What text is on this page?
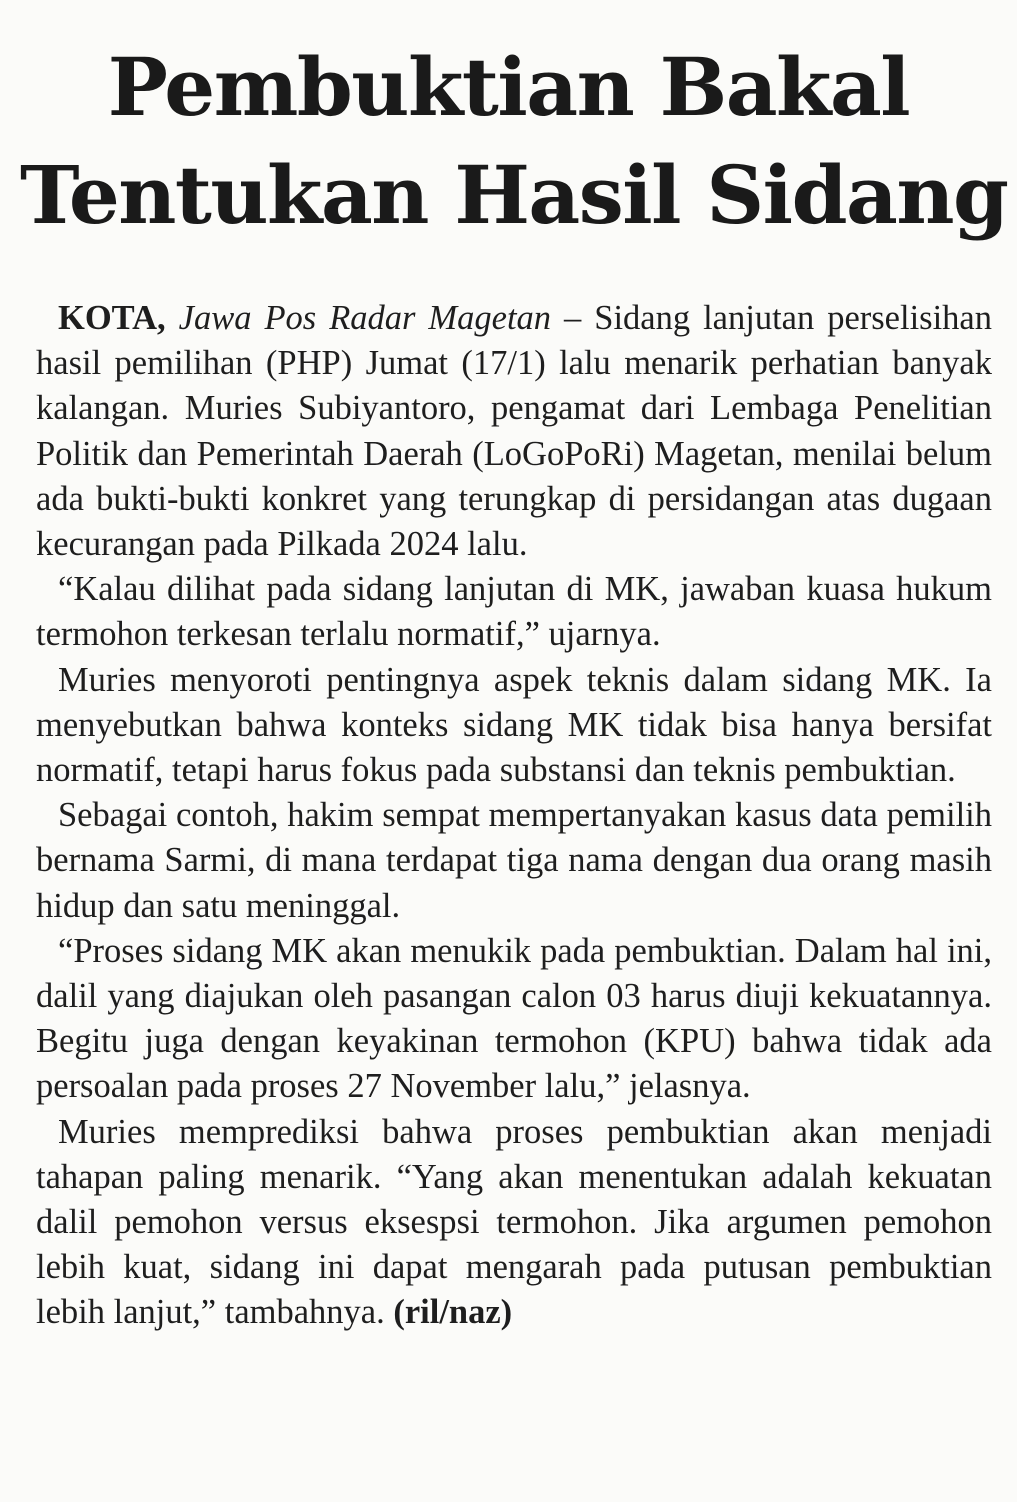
Pembuktian Bakal
Tentukan Hasil Sidang

KOTA, Jawa Pos Radar Magetan – Sidang lanjutan perselisihan hasil pemilihan (PHP) Jumat (17/1) lalu menarik perhatian banyak kalangan. Muries Subiyantoro, pengamat dari Lembaga Penelitian Politik dan Pemerintah Daerah (LoGoPoRi) Magetan, menilai belum ada bukti-bukti konkret yang terungkap di persidangan atas dugaan kecurangan pada Pilkada 2024 lalu.

“Kalau dilihat pada sidang lanjutan di MK, jawaban kuasa hukum termohon terkesan terlalu normatif,” ujarnya.

Muries menyoroti pentingnya aspek teknis dalam sidang MK. Ia menyebutkan bahwa konteks sidang MK tidak bisa hanya bersifat normatif, tetapi harus fokus pada substansi dan teknis pembuktian.

Sebagai contoh, hakim sempat mempertanyakan kasus data pemilih bernama Sarmi, di mana terdapat tiga nama dengan dua orang masih hidup dan satu meninggal.

“Proses sidang MK akan menukik pada pembuktian. Dalam hal ini, dalil yang diajukan oleh pasangan calon 03 harus diuji kekuatannya. Begitu juga dengan keyakinan termohon (KPU) bahwa tidak ada persoalan pada proses 27 November lalu,” jelasnya.

Muries memprediksi bahwa proses pembuktian akan menjadi tahapan paling menarik. “Yang akan menentukan adalah kekuatan dalil pemohon versus eksespsi termohon. Jika argumen pemohon lebih kuat, sidang ini dapat mengarah pada putusan pembuktian lebih lanjut,” tambahnya. (ril/naz)
